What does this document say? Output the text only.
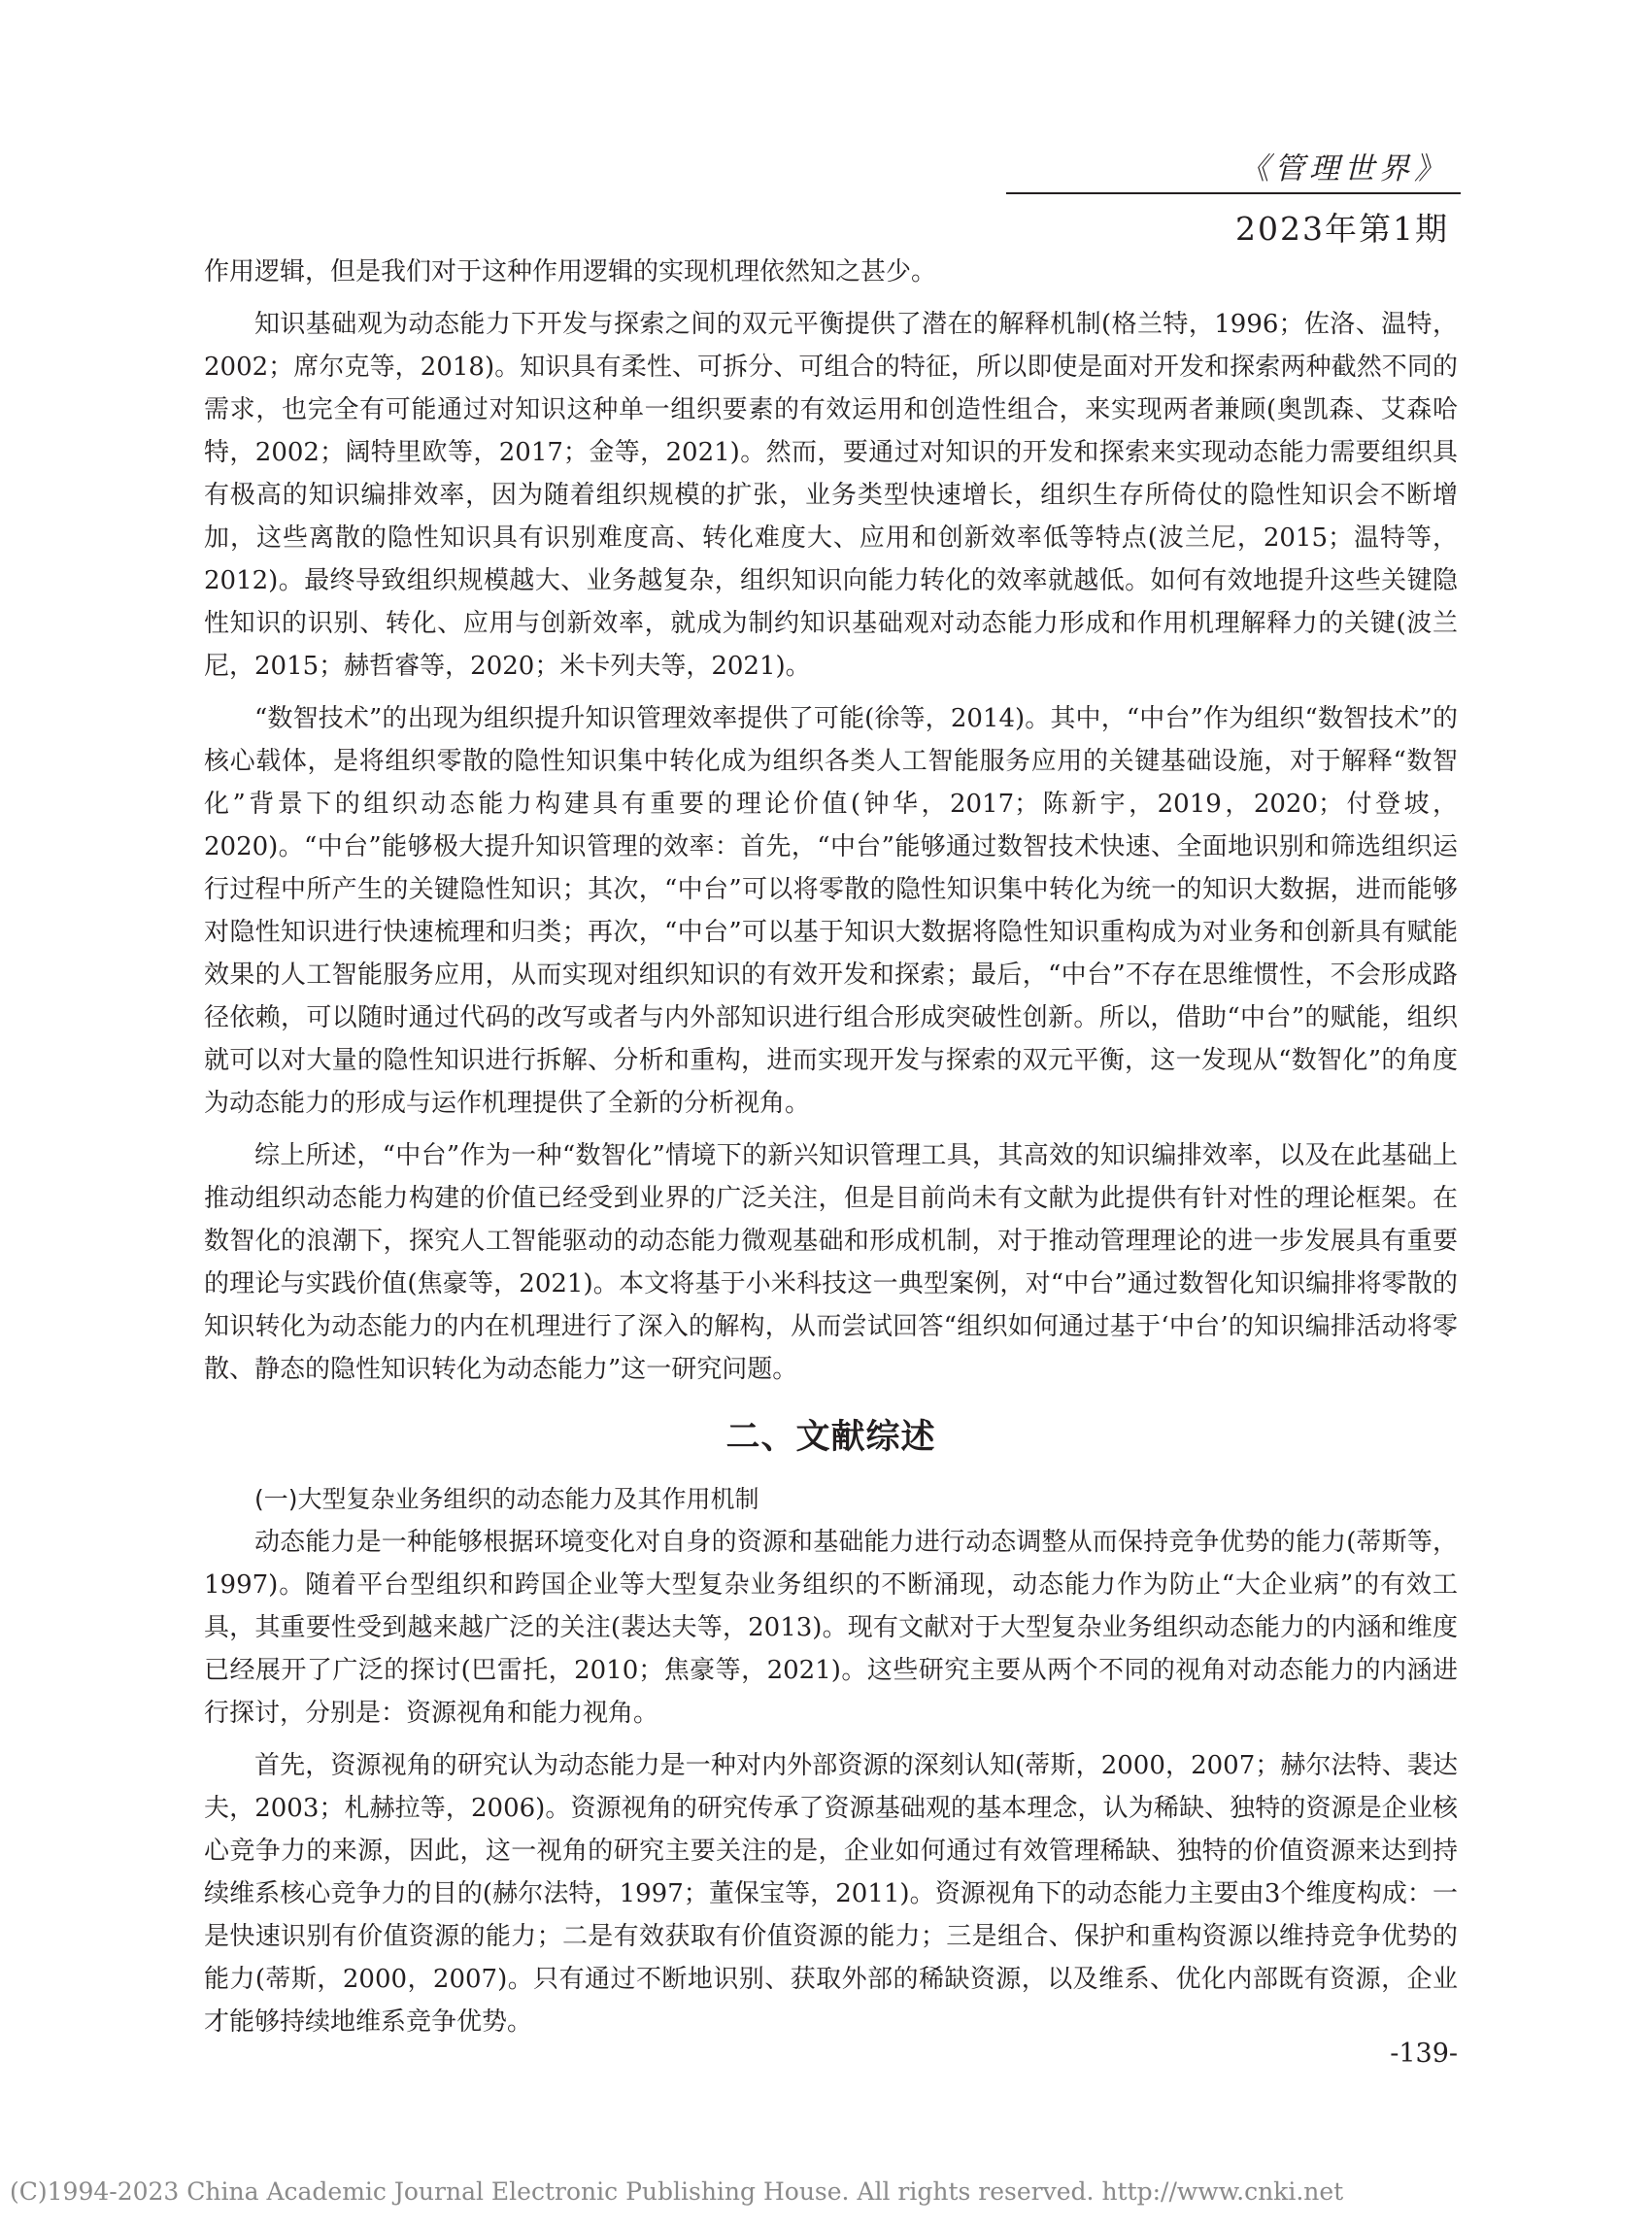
《管理世界》
2023年第1期

作用逻辑，但是我们对于这种作用逻辑的实现机理依然知之甚少。

知识基础观为动态能力下开发与探索之间的双元平衡提供了潜在的解释机制(格兰特，1996；佐洛、温特，2002；席尔克等，2018)。知识具有柔性、可拆分、可组合的特征，所以即使是面对开发和探索两种截然不同的需求，也完全有可能通过对知识这种单一组织要素的有效运用和创造性组合，来实现两者兼顾(奥凯森、艾森哈特，2002；阔特里欧等，2017；金等，2021)。然而，要通过对知识的开发和探索来实现动态能力需要组织具有极高的知识编排效率，因为随着组织规模的扩张，业务类型快速增长，组织生存所倚仗的隐性知识会不断增加，这些离散的隐性知识具有识别难度高、转化难度大、应用和创新效率低等特点(波兰尼，2015；温特等，2012)。最终导致组织规模越大、业务越复杂，组织知识向能力转化的效率就越低。如何有效地提升这些关键隐性知识的识别、转化、应用与创新效率，就成为制约知识基础观对动态能力形成和作用机理解释力的关键(波兰尼，2015；赫哲睿等，2020；米卡列夫等，2021)。

“数智技术”的出现为组织提升知识管理效率提供了可能(徐等，2014)。其中，“中台”作为组织“数智技术”的核心载体，是将组织零散的隐性知识集中转化成为组织各类人工智能服务应用的关键基础设施，对于解释“数智化”背景下的组织动态能力构建具有重要的理论价值(钟华，2017；陈新宇，2019，2020；付登坡，2020)。“中台”能够极大提升知识管理的效率：首先，“中台”能够通过数智技术快速、全面地识别和筛选组织运行过程中所产生的关键隐性知识；其次，“中台”可以将零散的隐性知识集中转化为统一的知识大数据，进而能够对隐性知识进行快速梳理和归类；再次，“中台”可以基于知识大数据将隐性知识重构成为对业务和创新具有赋能效果的人工智能服务应用，从而实现对组织知识的有效开发和探索；最后，“中台”不存在思维惯性，不会形成路径依赖，可以随时通过代码的改写或者与内外部知识进行组合形成突破性创新。所以，借助“中台”的赋能，组织就可以对大量的隐性知识进行拆解、分析和重构，进而实现开发与探索的双元平衡，这一发现从“数智化”的角度为动态能力的形成与运作机理提供了全新的分析视角。

综上所述，“中台”作为一种“数智化”情境下的新兴知识管理工具，其高效的知识编排效率，以及在此基础上推动组织动态能力构建的价值已经受到业界的广泛关注，但是目前尚未有文献为此提供有针对性的理论框架。在数智化的浪潮下，探究人工智能驱动的动态能力微观基础和形成机制，对于推动管理理论的进一步发展具有重要的理论与实践价值(焦豪等，2021)。本文将基于小米科技这一典型案例，对“中台”通过数智化知识编排将零散的知识转化为动态能力的内在机理进行了深入的解构，从而尝试回答“组织如何通过基于‘中台’的知识编排活动将零散、静态的隐性知识转化为动态能力”这一研究问题。

二、文献综述

(一)大型复杂业务组织的动态能力及其作用机制

动态能力是一种能够根据环境变化对自身的资源和基础能力进行动态调整从而保持竞争优势的能力(蒂斯等，1997)。随着平台型组织和跨国企业等大型复杂业务组织的不断涌现，动态能力作为防止“大企业病”的有效工具，其重要性受到越来越广泛的关注(裴达夫等，2013)。现有文献对于大型复杂业务组织动态能力的内涵和维度已经展开了广泛的探讨(巴雷托，2010；焦豪等，2021)。这些研究主要从两个不同的视角对动态能力的内涵进行探讨，分别是：资源视角和能力视角。

首先，资源视角的研究认为动态能力是一种对内外部资源的深刻认知(蒂斯，2000，2007；赫尔法特、裴达夫，2003；札赫拉等，2006)。资源视角的研究传承了资源基础观的基本理念，认为稀缺、独特的资源是企业核心竞争力的来源，因此，这一视角的研究主要关注的是，企业如何通过有效管理稀缺、独特的价值资源来达到持续维系核心竞争力的目的(赫尔法特，1997；董保宝等，2011)。资源视角下的动态能力主要由3个维度构成：一是快速识别有价值资源的能力；二是有效获取有价值资源的能力；三是组合、保护和重构资源以维持竞争优势的能力(蒂斯，2000，2007)。只有通过不断地识别、获取外部的稀缺资源，以及维系、优化内部既有资源，企业才能够持续地维系竞争优势。

-139-
(C)1994-2023 China Academic Journal Electronic Publishing House. All rights reserved. http://www.cnki.net
